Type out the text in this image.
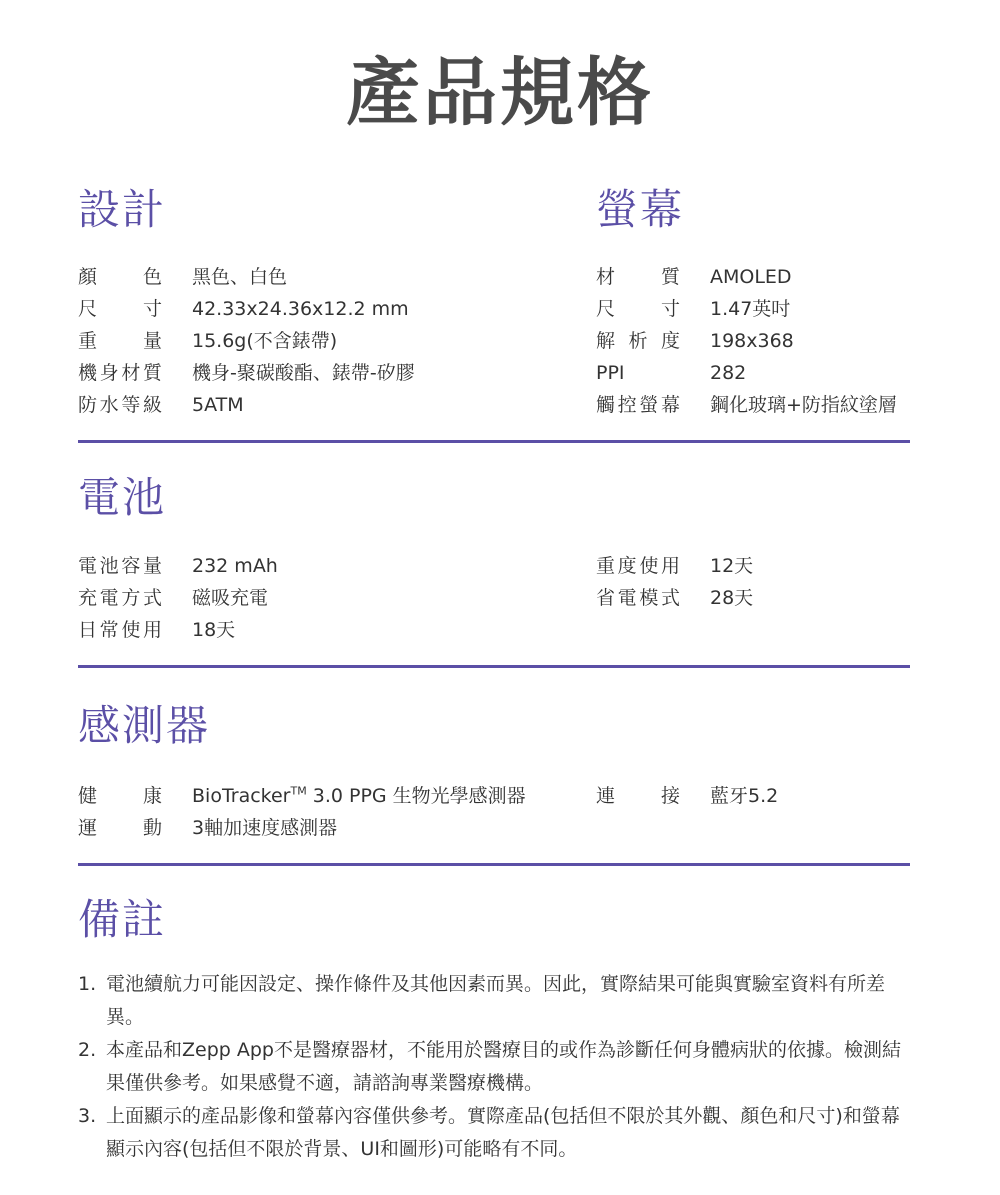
產品規格
設計
顏色 黑色、白色
尺寸 42.33x24.36x12.2 mm
重量 15.6g(不含錶帶)
機身材質 機身-聚碳酸酯、錶帶-矽膠
防水等級 5ATM
螢幕
材質 AMOLED
尺寸 1.47英吋
解析度 198x368
PPI	282
觸控螢幕 鋼化玻璃+防指紋塗層
電池
電池容量 232 mAh
充電方式 磁吸充電
日常使用 18天
重度使用 12天
省電模式 28天
感測器
健康 BioTracker™ 3.0 PPG 生物光學感測器
運動 3軸加速度感測器
連接 藍牙5.2
備註
1. 電池續航力可能因設定、操作條件及其他因素而異。因此，實際結果可能與實驗室資料有所差異。
2. 本產品和Zepp App不是醫療器材，不能用於醫療目的或作為診斷任何身體病狀的依據。檢測結果僅供參考。如果感覺不適，請諮詢專業醫療機構。
3. 上面顯示的產品影像和螢幕內容僅供參考。實際產品(包括但不限於其外觀、顏色和尺寸)和螢幕顯示內容(包括但不限於背景、UI和圖形)可能略有不同。
